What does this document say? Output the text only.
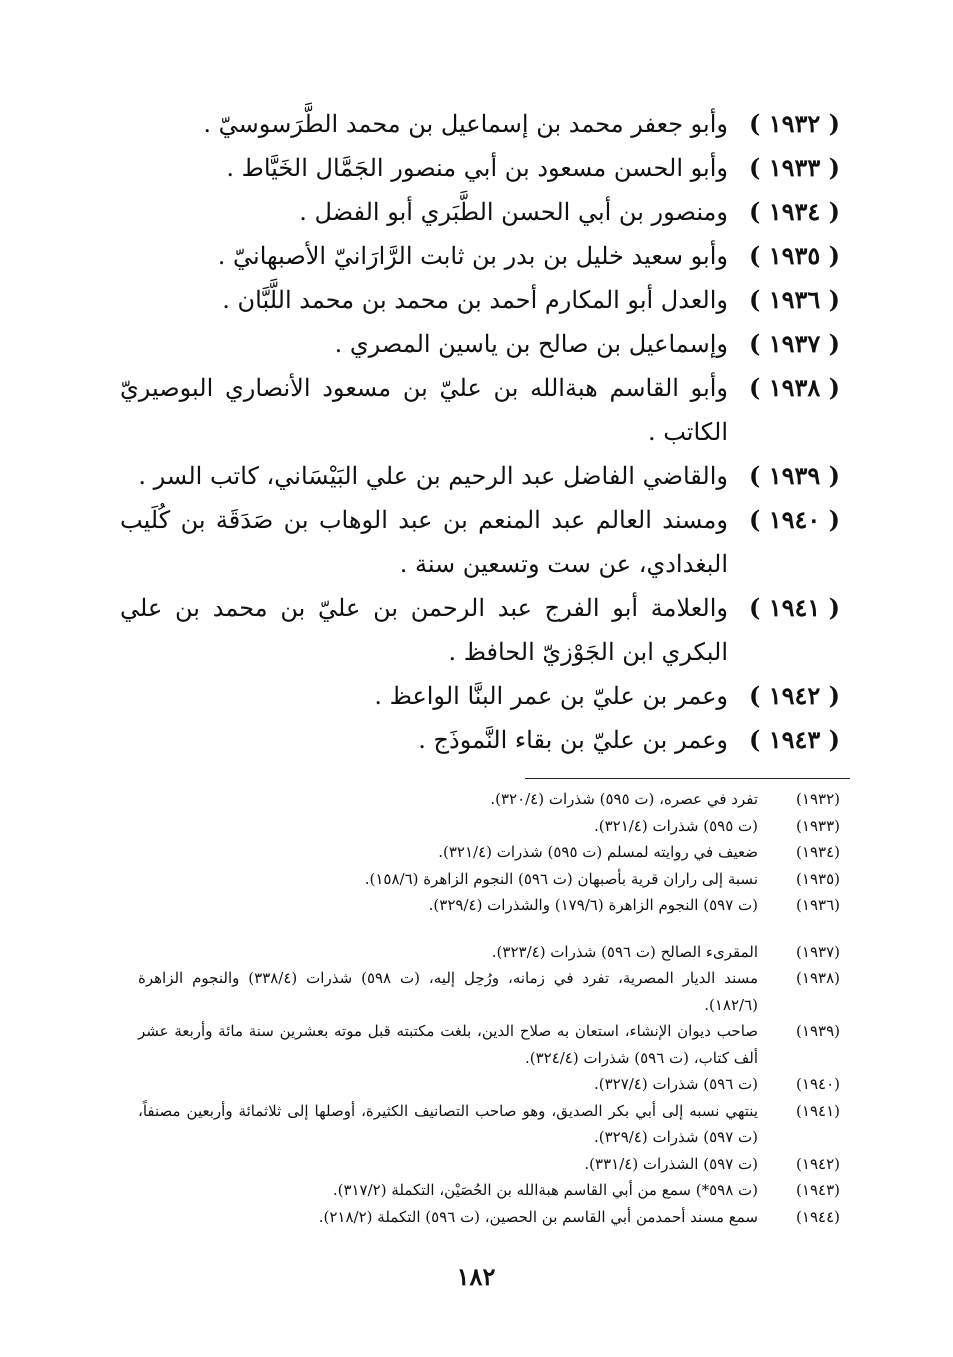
( ١٩٣٢ )
وأبو جعفر محمد بن إسماعيل بن محمد الطَّرَسوسيّ .
( ١٩٣٣ )
وأبو الحسن مسعود بن أبي منصور الجَمَّال الخَيَّاط .
( ١٩٣٤ )
ومنصور بن أبي الحسن الطَّبَري أبو الفضل .
( ١٩٣٥ )
وأبو سعيد خليل بن بدر بن ثابت الرَّارَانيّ الأصبهانيّ .
( ١٩٣٦ )
والعدل أبو المكارم أحمد بن محمد بن محمد اللَّبَّان .
( ١٩٣٧ )
وإسماعيل بن صالح بن ياسين المصري .
( ١٩٣٨ )
وأبو القاسم هبةالله بن عليّ بن مسعود الأنصاري البوصيريّ الكاتب .
( ١٩٣٩ )
والقاضي الفاضل عبد الرحيم بن علي البَيْسَاني، كاتب السر .
( ١٩٤٠ )
ومسند العالم عبد المنعم بن عبد الوهاب بن صَدَقَة بن كُلَيب البغدادي، عن ست وتسعين سنة .
( ١٩٤١ )
والعلامة أبو الفرج عبد الرحمن بن عليّ بن محمد بن علي البكري ابن الجَوْزيّ الحافظ .
( ١٩٤٢ )
وعمر بن عليّ بن عمر البنَّا الواعظ .
( ١٩٤٣ )
وعمر بن عليّ بن بقاء النَّموذَج .
(١٩٣٢)
تفرد في عصره، (ت ٥٩٥) شذرات (٣٢٠/٤).
(١٩٣٣)
(ت ٥٩٥) شذرات (٣٢١/٤).
(١٩٣٤)
ضعيف في روايته لمسلم (ت ٥٩٥) شذرات (٣٢١/٤).
(١٩٣٥)
نسبة إلى راران قرية بأصبهان (ت ٥٩٦) النجوم الزاهرة (١٥٨/٦).
(١٩٣٦)
(ت ٥٩٧) النجوم الزاهرة (١٧٩/٦) والشذرات (٣٢٩/٤).
(١٩٣٧)
المقرىء الصالح (ت ٥٩٦) شذرات (٣٢٣/٤).
(١٩٣٨)
مسند الديار المصرية، تفرد في زمانه، ورُحِل إليه، (ت ٥٩٨) شذرات (٣٣٨/٤) والنجوم الزاهرة (١٨٢/٦).
(١٩٣٩)
صاحب ديوان الإنشاء، استعان به صلاح الدين، بلغت مكتبته قبل موته بعشرين سنة مائة وأربعة عشر ألف كتاب، (ت ٥٩٦) شذرات (٣٢٤/٤).
(١٩٤٠)
(ت ٥٩٦) شذرات (٣٢٧/٤).
(١٩٤١)
ينتهي نسبه إلى أبي بكر الصديق، وهو صاحب التصانيف الكثيرة، أوصلها إلى ثلاثمائة وأربعين مصنفاً، (ت ٥٩٧) شذرات (٣٢٩/٤).
(١٩٤٢)
(ت ٥٩٧) الشذرات (٣٣١/٤).
(١٩٤٣)
(ت ٥٩٨*) سمع من أبي القاسم هبةالله بن الحُصَيْن، التكملة (٣١٧/٢).
(١٩٤٤)
سمع مسند أحمدمن أبي القاسم بن الحصين، (ت ٥٩٦) التكملة (٢١٨/٢).
١٨٢
